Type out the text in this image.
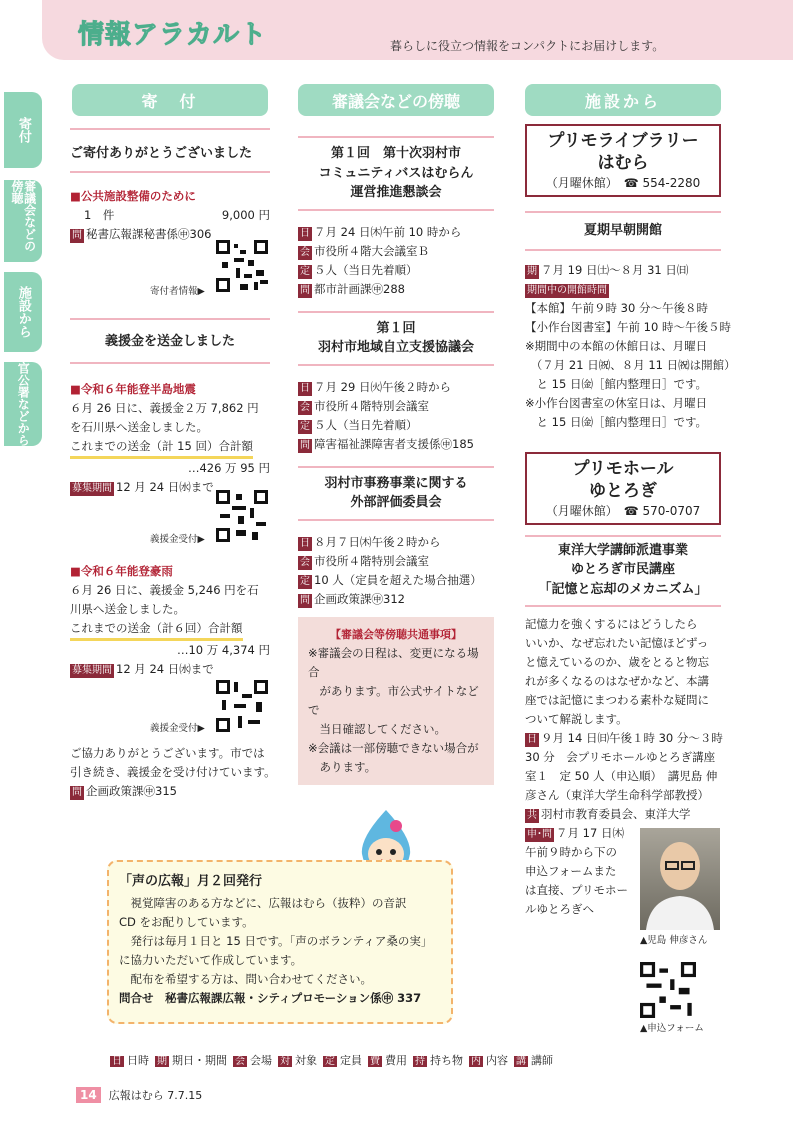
情報アラカルト	暮らしに役立つ情報をコンパクトにお届けします。
寄付
審議会などの傍聴
施設から
官公署などから
寄　付	審議会などの傍聴	施設から
ご寄付ありがとうございました
■公共施設整備のために
1　件	9,000 円
問 秘書広報課秘書係㊥306
寄付者情報▶
義援金を送金しました
■令和６年能登半島地震
６月 26 日に、義援金２万 7,862 円
を石川県へ送金しました。
これまでの送金（計 15 回）合計額
…426 万 95 円
募集期間 12 月 24 日㈬まで
義援金受付▶
■令和６年能登豪雨
６月 26 日に、義援金 5,246 円を石
川県へ送金しました。
これまでの送金（計６回）合計額
…10 万 4,374 円
募集期間 12 月 24 日㈬まで
義援金受付▶
ご協力ありがとうございます。市では
引き続き、義援金を受け付けています。
問 企画政策課㊥315
第１回　第十次羽村市
コミュニティバスはむらん
運営推進懇談会
日 ７月 24 日㈭午前 10 時から
会 市役所４階大会議室Ｂ
定 ５人（当日先着順）
問 都市計画課㊥288
第１回
羽村市地域自立支援協議会
日 ７月 29 日㈫午後２時から
会 市役所４階特別会議室
定 ５人（当日先着順）
問 障害福祉課障害者支援係㊥185
羽村市事務事業に関する
外部評価委員会
日 ８月７日㈭午後２時から
会 市役所４階特別会議室
定 10 人（定員を超えた場合抽選）
問 企画政策課㊥312
【審議会等傍聴共通事項】
※審議会の日程は、変更になる場合
　があります。市公式サイトなどで
　当日確認してください。
※会議は一部傍聴できない場合が
　あります。
プリモライブラリー
はむら
（月曜休館）　 ☎ 554-2280
夏期早朝開館
期 ７月 19 日㈯～８月 31 日㈰
期間中の開館時間
【本館】午前９時 30 分～午後８時
【小作台図書室】午前 10 時～午後５時
※期間中の本館の休館日は、月曜日
　（７月 21 日㈷、８月 11 日㈷は開館）
　と 15 日㈮［館内整理日］です。
※小作台図書室の休室日は、月曜日
　と 15 日㈮［館内整理日］です。
プリモホール
ゆとろぎ
（月曜休館）　 ☎ 570-0707
東洋大学講師派遣事業
ゆとろぎ市民講座
「記憶と忘却のメカニズム」
記憶力を強くするにはどうしたら
いいか、なぜ忘れたい記憶ほどずっ
と憶えているのか、歳をとると物忘
れが多くなるのはなぜかなど、本講
座では記憶にまつわる素朴な疑問に
ついて解説します。
日 ９月 14 日㈰午後１時 30 分～３時
30 分　会プリモホールゆとろぎ講座
室１　定 50 人（申込順）　講児島 伸
彦さん（東洋大学生命科学部教授）
共 羽村市教育委員会、東洋大学
申･問 ７月 17 日㈭
午前９時から下の
申込フォームまた
は直接、プリモホー
ルゆとろぎへ
▲児島 伸彦さん
▲申込フォーム
「声の広報」月２回発行
　視覚障害のある方などに、広報はむら（抜粋）の音訳
CD をお配りしています。
　発行は毎月１日と 15 日です。「声のボランティア桑の実」
に協力いただいて作成しています。
　配布を希望する方は、問い合わせてください。
問合せ　秘書広報課広報・シティプロモーション係㊥ 337
日 日時 期 期日・期間 会 会場 対 対象 定 定員 費 費用 持 持ち物 内 内容 講 講師
14	広報はむら 7.7.15
